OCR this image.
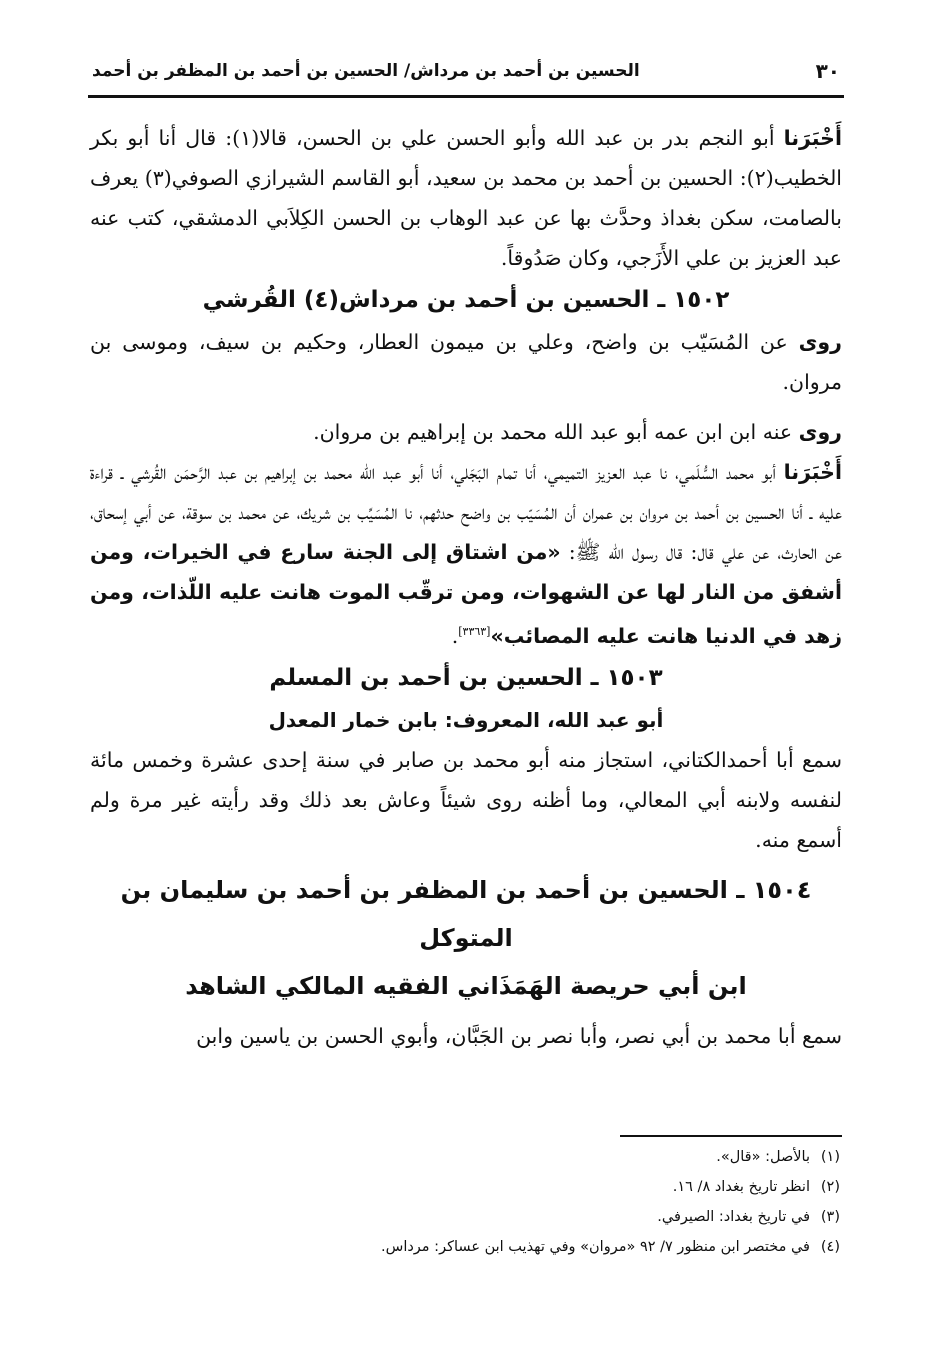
٣٠
الحسين بن أحمد بن مرداش/ الحسين بن أحمد بن المظفر بن أحمد

أَخْبَرَنا أبو النجم بدر بن عبد الله وأبو الحسن علي بن الحسن، قالا(١): قال أنا أبو بكر الخطيب(٢): الحسين بن أحمد بن محمد بن سعيد، أبو القاسم الشيرازي الصوفي(٣) يعرف بالصامت، سكن بغداذ وحدَّث بها عن عبد الوهاب بن الحسن الكِلاَبي الدمشقي، كتب عنه عبد العزيز بن علي الأَزَجي، وكان صَدُوقاً.

١٥٠٢ ـ الحسين بن أحمد بن مرداش(٤) القُرشي

روى عن المُسَيّب بن واضح، وعلي بن ميمون العطار، وحكيم بن سيف، وموسى بن مروان.

روى عنه ابن ابن عمه أبو عبد الله محمد بن إبراهيم بن مروان.

أَخْبَرَنا أبو محمد السُّلَمي، نا عبد العزيز التميمي، أنا تمام البَجَلي، أنا أبو عبد الله محمد بن إبراهيم بن عبد الرَّحمَن القُرشي ـ قراءة عليه ـ أنا الحسين بن أحمد بن مروان بن عمران أن المُسَيّب بن واضح حدثهم، نا المُسَيِّب بن شريك، عن محمد بن سوقة، عن أبي إسحاق، عن الحارث، عن علي قال: قال رسول الله ﷺ: «من اشتاق إلى الجنة سارع في الخيرات، ومن أشفق من النار لها عن الشهوات، ومن ترقّب الموت هانت عليه اللّذات، ومن زهد في الدنيا هانت عليه المصائب»[٣٣٦٣].

١٥٠٣ ـ الحسين بن أحمد بن المسلم

أبو عبد الله، المعروف: بابن خمار المعدل

سمع أبا أحمدالكتاني، استجاز منه أبو محمد بن صابر في سنة إحدى عشرة وخمس مائة لنفسه ولابنه أبي المعالي، وما أظنه روى شيئاً وعاش بعد ذلك وقد رأيته غير مرة ولم أسمع منه.

١٥٠٤ ـ الحسين بن أحمد بن المظفر بن أحمد بن سليمان بن المتوكل
ابن أبي حريصة الهَمَذَاني الفقيه المالكي الشاهد

سمع أبا محمد بن أبي نصر، وأبا نصر بن الجَبَّان، وأبوي الحسن بن ياسين وابن

(١)بالأصل: «قال».
(٢)انظر تاريخ بغداد ٨/ ١٦.
(٣)في تاريخ بغداد: الصيرفي.
(٤)في مختصر ابن منظور ٧/ ٩٢ «مروان» وفي تهذيب ابن عساكر: مرداس.
